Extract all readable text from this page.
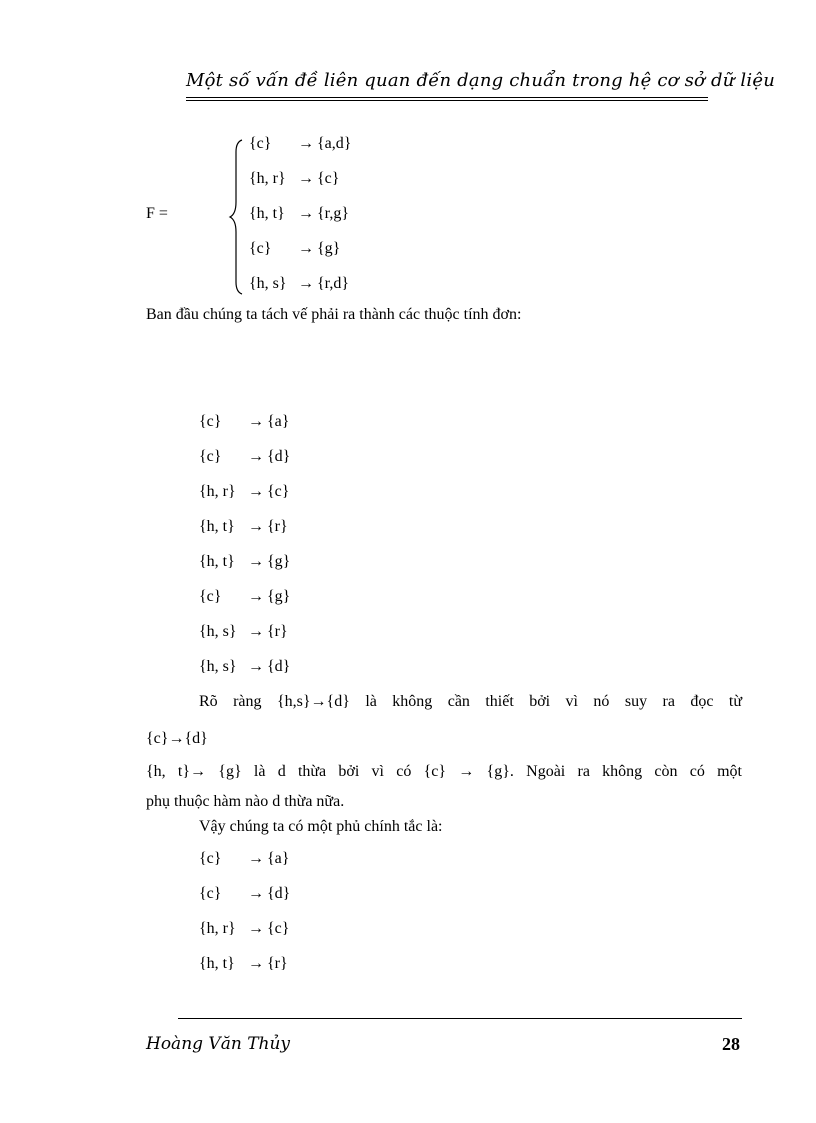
Một số vấn đề liên quan đến dạng chuẩn trong hệ cơ sở dữ liệu
F =
{c} → {a,d}
{h, r} → {c}
{h, t} → {r,g}
{c} → {g}
{h, s} → {r,d}
Ban đầu chúng ta tách vế phải ra thành các thuộc tính đơn:
{c} → {a}
{c} → {d}
{h, r} → {c}
{h, t} → {r}
{h, t} → {g}
{c} → {g}
{h, s} → {r}
{h, s} → {d}
Rõ ràng {h,s}→{d} là không cần thiết bởi vì nó suy ra đọc từ
{c}→{d}
{h, t}→ {g} là d thừa bởi vì có {c} → {g}. Ngoài ra không còn có một
phụ thuộc hàm nào d thừa nữa.
Vậy chúng ta có một phủ chính tắc là:
{c} → {a}
{c} → {d}
{h, r} → {c}
{h, t} → {r}
Hoàng Văn Thủy	28
